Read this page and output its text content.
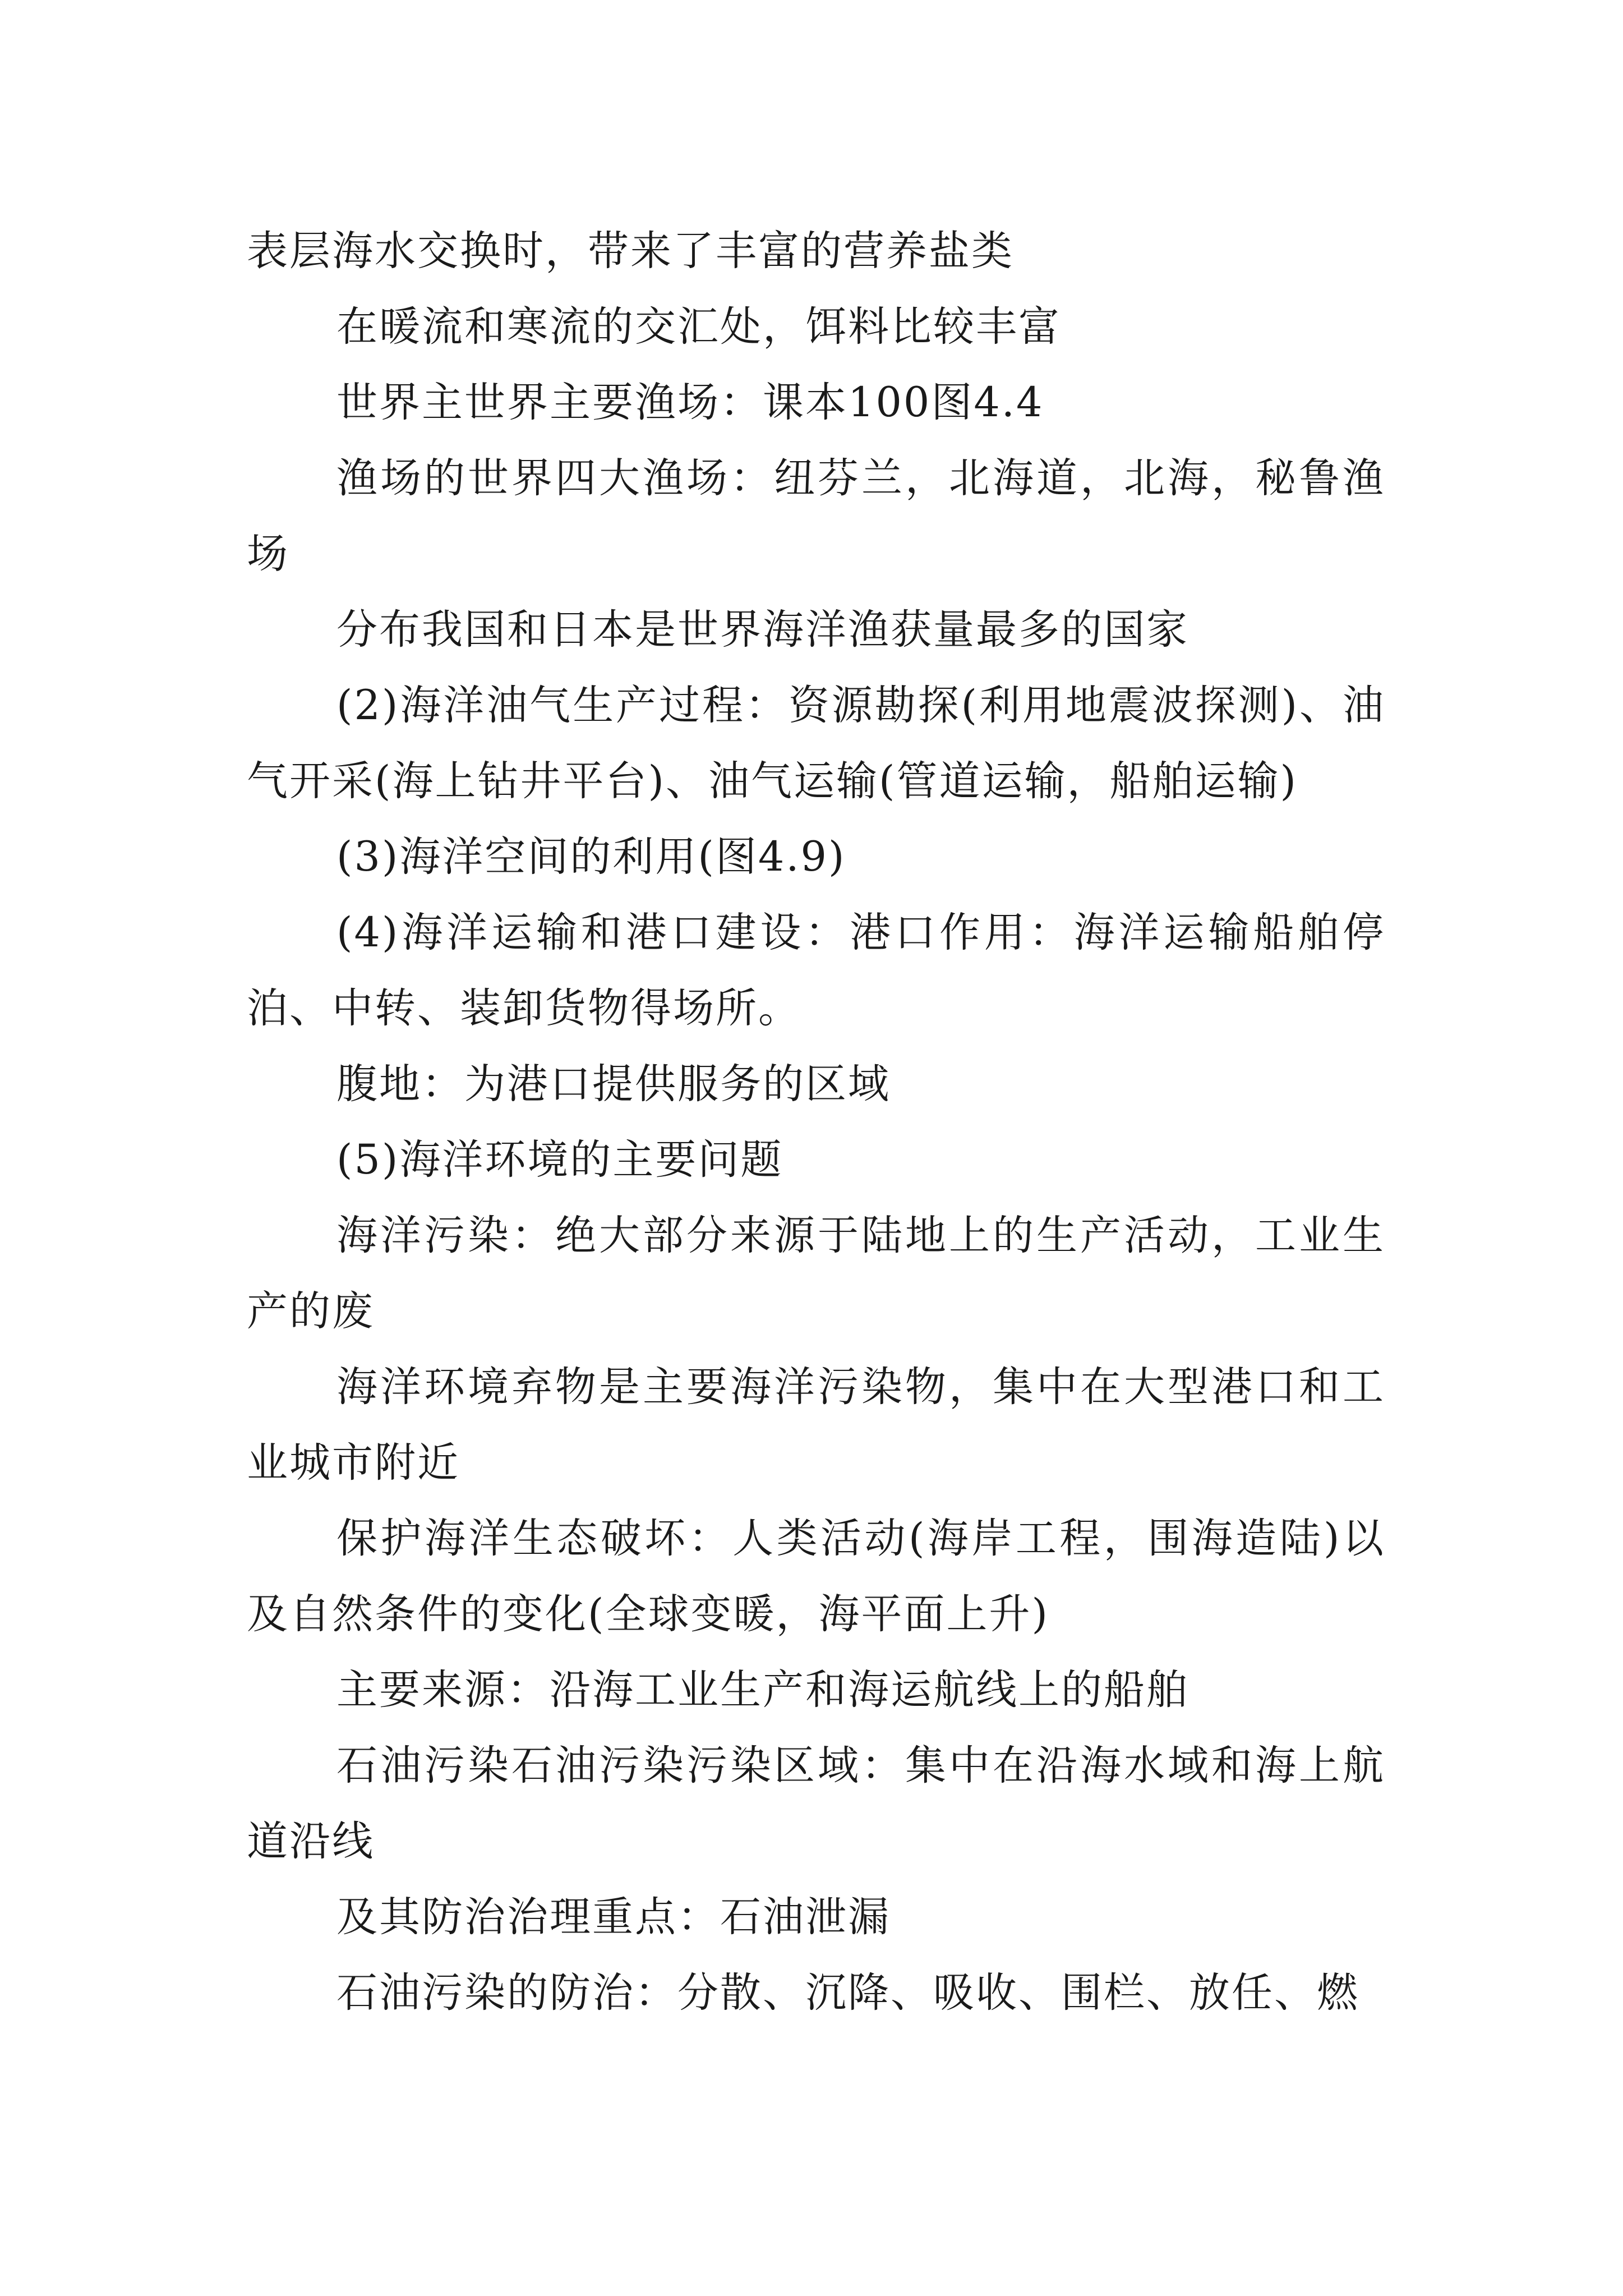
表层海水交换时，带来了丰富的营养盐类

在暖流和寒流的交汇处，饵料比较丰富

世界主世界主要渔场：课本100图4.4

渔场的世界四大渔场：纽芬兰，北海道，北海，秘鲁渔场

分布我国和日本是世界海洋渔获量最多的国家

(2)海洋油气生产过程：资源勘探(利用地震波探测)、油气开采(海上钻井平台)、油气运输(管道运输，船舶运输)

(3)海洋空间的利用(图4.9)

(4)海洋运输和港口建设：港口作用：海洋运输船舶停泊、中转、装卸货物得场所。

腹地：为港口提供服务的区域

(5)海洋环境的主要问题

海洋污染：绝大部分来源于陆地上的生产活动，工业生产的废

海洋环境弃物是主要海洋污染物，集中在大型港口和工业城市附近

保护海洋生态破坏：人类活动(海岸工程，围海造陆)以及自然条件的变化(全球变暖，海平面上升)

主要来源：沿海工业生产和海运航线上的船舶

石油污染石油污染污染区域：集中在沿海水域和海上航道沿线

及其防治治理重点：石油泄漏

石油污染的防治：分散、沉降、吸收、围栏、放任、燃
